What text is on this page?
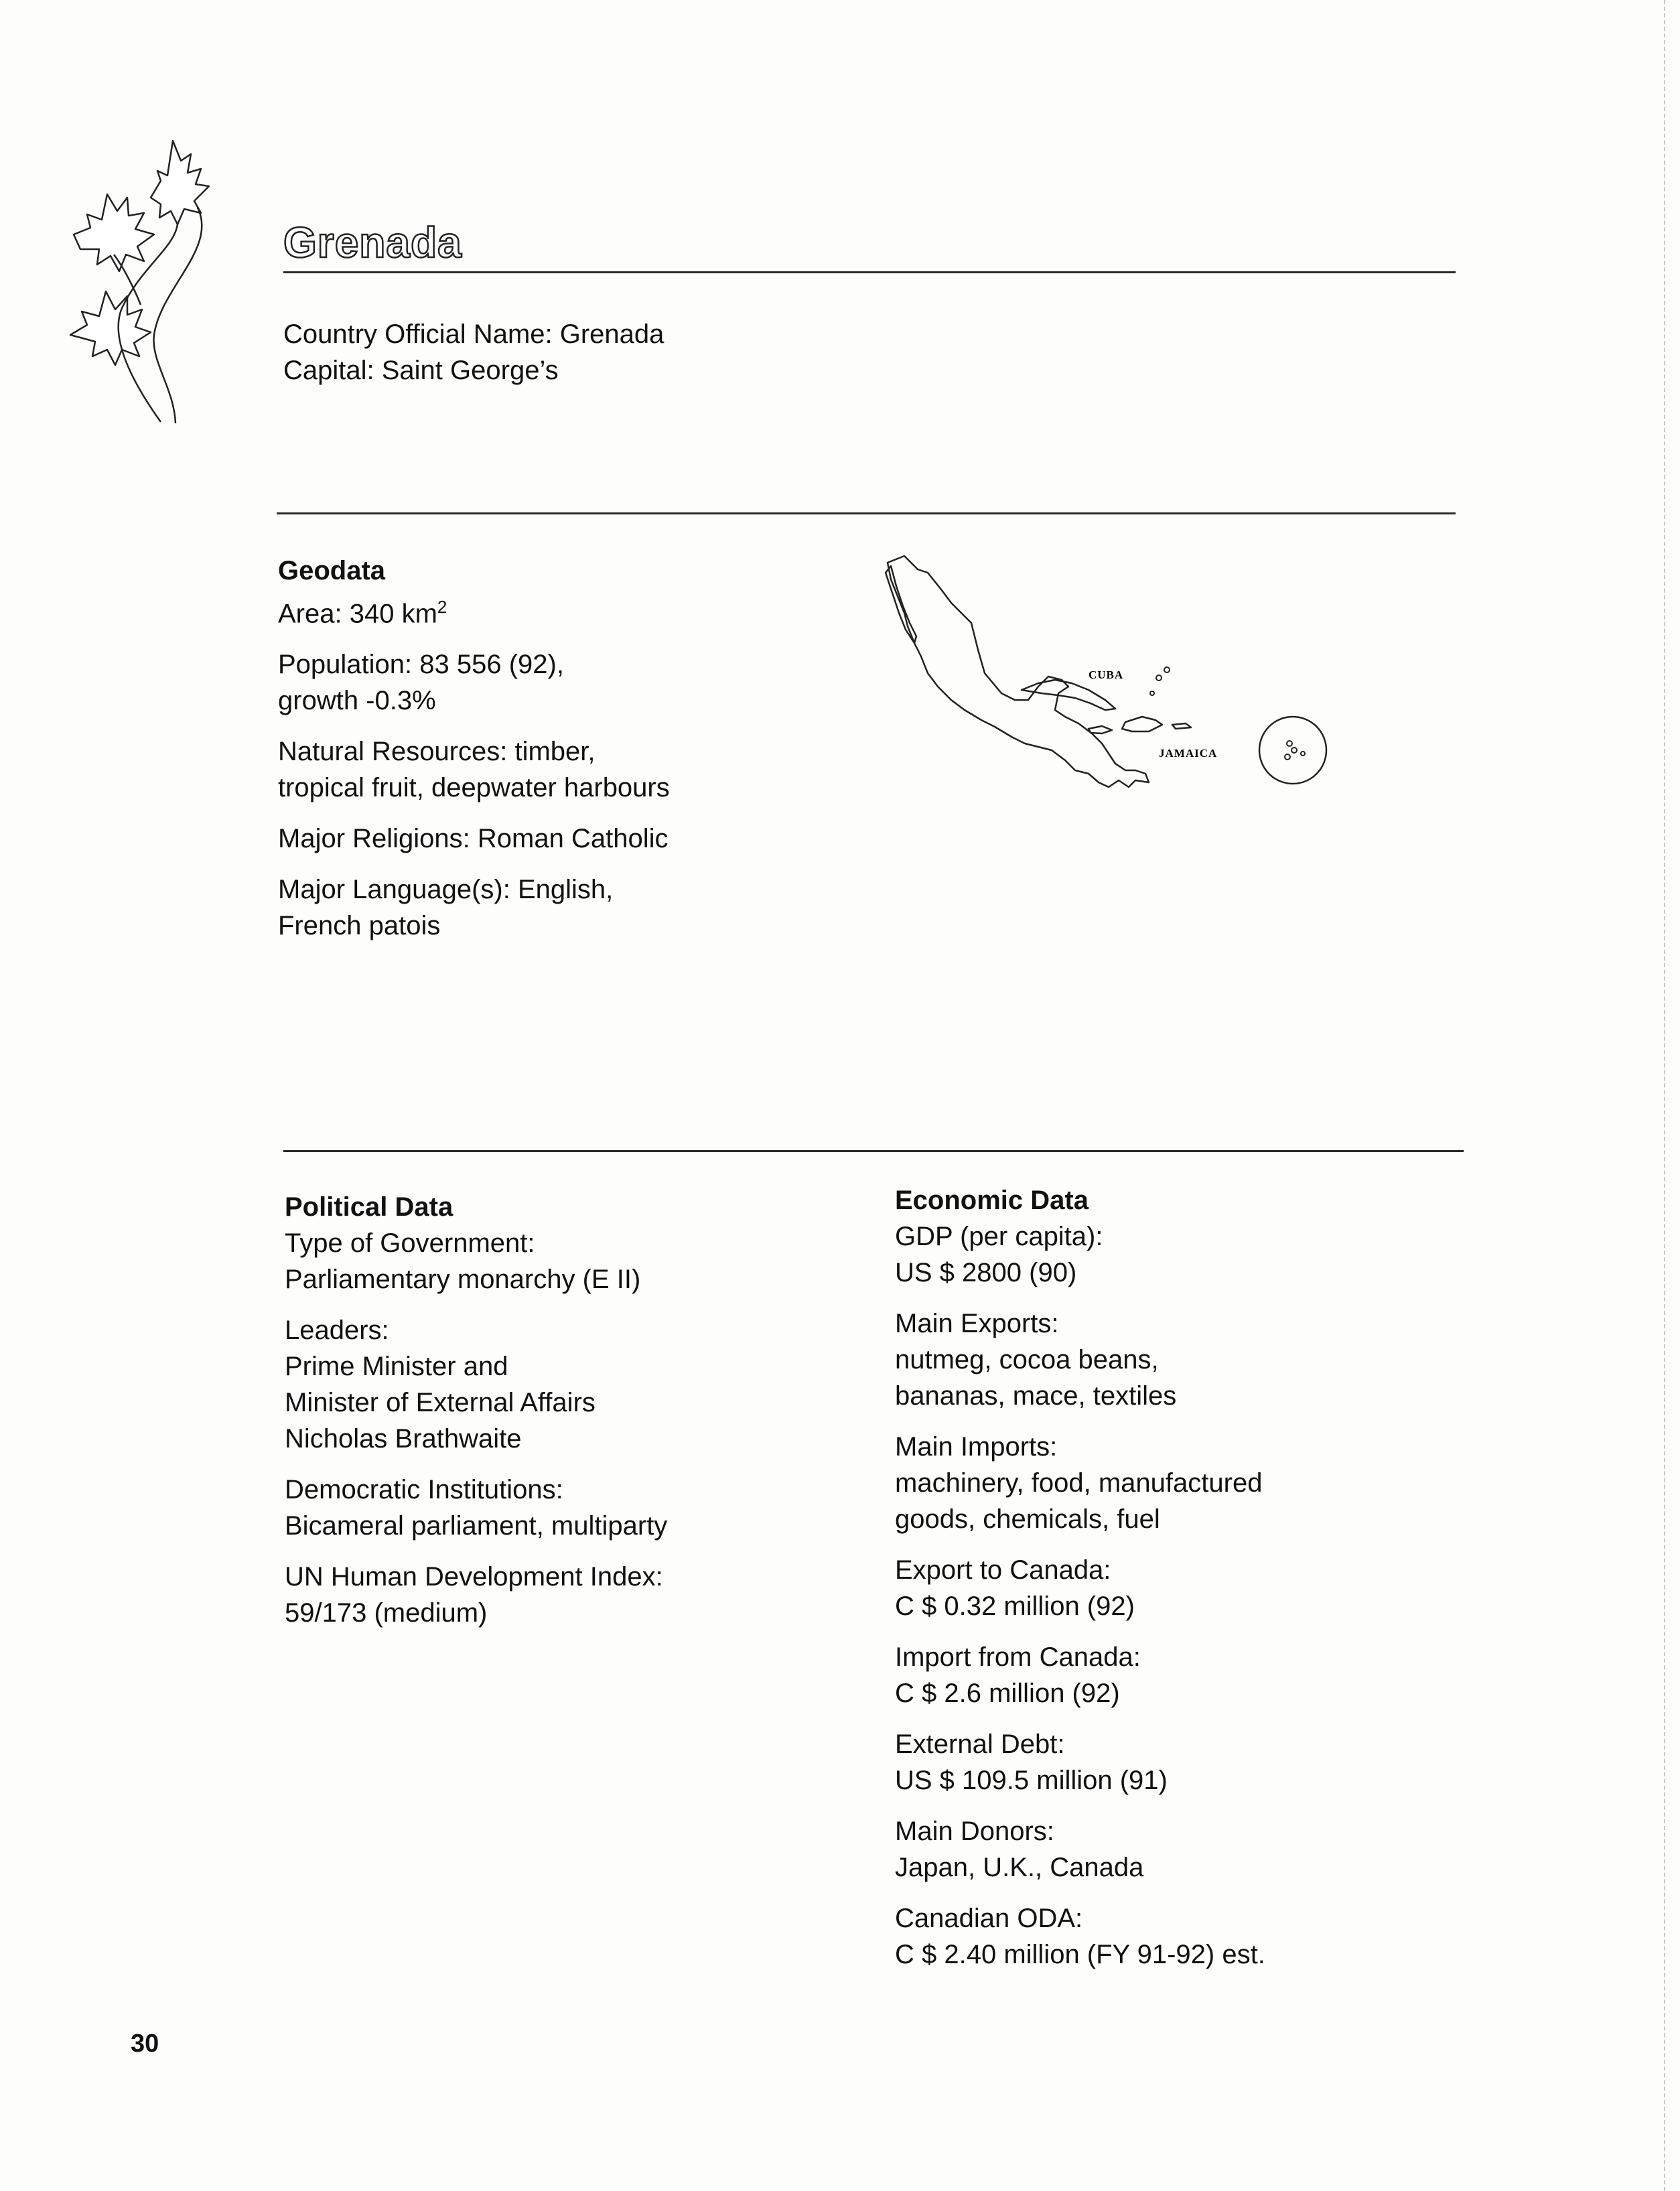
Grenada
Country Official Name: Grenada
Capital: Saint George’s
Geodata
Area: 340 $km^2$
Population: 83 556 (92),
growth -0.3%
Natural Resources: timber,
tropical fruit, deepwater harbours
Major Religions: Roman Catholic
Major Language(s): English,
French patois
CUBA
JAMAICA
Political Data
Type of Government:
Parliamentary monarchy (E II)
Leaders:
Prime Minister and
Minister of External Affairs
Nicholas Brathwaite
Democratic Institutions:
Bicameral parliament, multiparty
UN Human Development Index:
59/173 (medium)
Economic Data
GDP (per capita):
US $ 2800 (90)
Main Exports:
nutmeg, cocoa beans,
bananas, mace, textiles
Main Imports:
machinery, food, manufactured
goods, chemicals, fuel
Export to Canada:
C $ 0.32 million (92)
Import from Canada:
C $ 2.6 million (92)
External Debt:
US $ 109.5 million (91)
Main Donors:
Japan, U.K., Canada
Canadian ODA:
C $ 2.40 million (FY 91-92) est.
30
